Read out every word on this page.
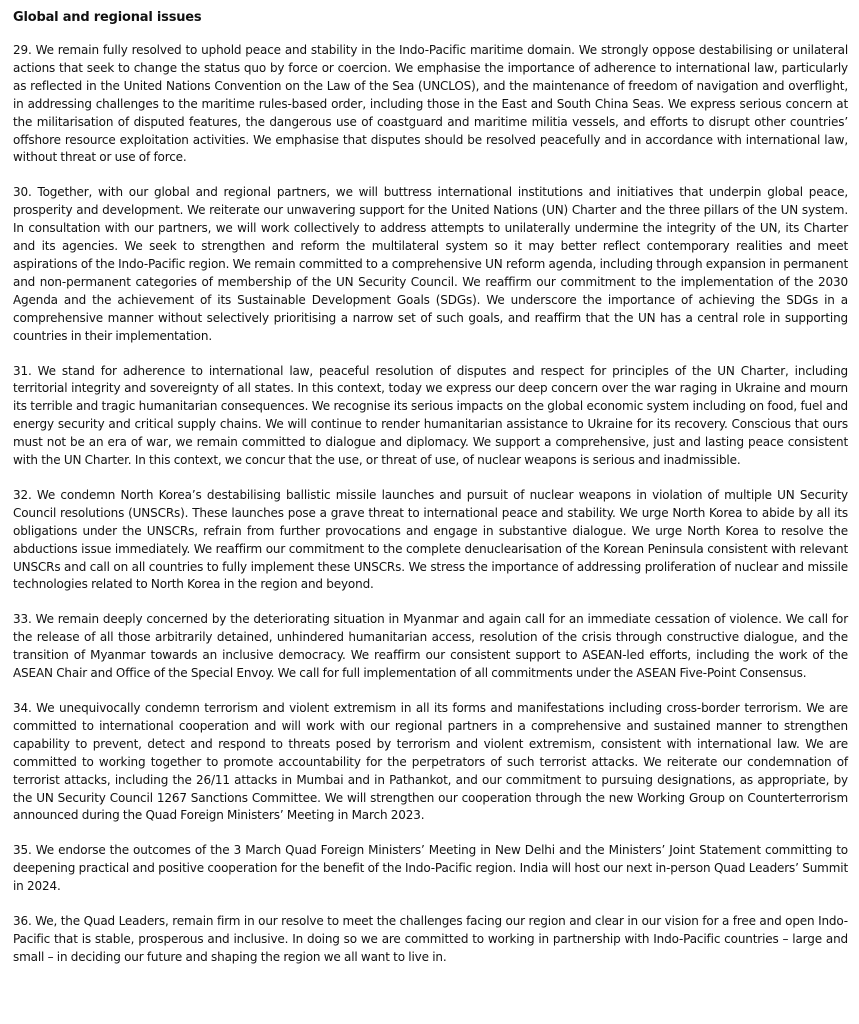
Global and regional issues

29. We remain fully resolved to uphold peace and stability in the Indo-Pacific maritime domain. We strongly oppose destabilising or unilateral actions that seek to change the status quo by force or coercion. We emphasise the importance of adherence to international law, particularly as reflected in the United Nations Convention on the Law of the Sea (UNCLOS), and the maintenance of freedom of navigation and overflight, in addressing challenges to the maritime rules-based order, including those in the East and South China Seas. We express serious concern at the militarisation of disputed features, the dangerous use of coastguard and maritime militia vessels, and efforts to disrupt other countries’ offshore resource exploitation activities. We emphasise that disputes should be resolved peacefully and in accordance with international law, without threat or use of force.

30. Together, with our global and regional partners, we will buttress international institutions and initiatives that underpin global peace, prosperity and development. We reiterate our unwavering support for the United Nations (UN) Charter and the three pillars of the UN system. In consultation with our partners, we will work collectively to address attempts to unilaterally undermine the integrity of the UN, its Charter and its agencies. We seek to strengthen and reform the multilateral system so it may better reflect contemporary realities and meet aspirations of the Indo-Pacific region. We remain committed to a comprehensive UN reform agenda, including through expansion in permanent and non-permanent categories of membership of the UN Security Council. We reaffirm our commitment to the implementation of the 2030 Agenda and the achievement of its Sustainable Development Goals (SDGs). We underscore the importance of achieving the SDGs in a comprehensive manner without selectively prioritising a narrow set of such goals, and reaffirm that the UN has a central role in supporting countries in their implementation.

31. We stand for adherence to international law, peaceful resolution of disputes and respect for principles of the UN Charter, including territorial integrity and sovereignty of all states. In this context, today we express our deep concern over the war raging in Ukraine and mourn its terrible and tragic humanitarian consequences. We recognise its serious impacts on the global economic system including on food, fuel and energy security and critical supply chains. We will continue to render humanitarian assistance to Ukraine for its recovery. Conscious that ours must not be an era of war, we remain committed to dialogue and diplomacy. We support a comprehensive, just and lasting peace consistent with the UN Charter. In this context, we concur that the use, or threat of use, of nuclear weapons is serious and inadmissible.

32. We condemn North Korea’s destabilising ballistic missile launches and pursuit of nuclear weapons in violation of multiple UN Security Council resolutions (UNSCRs). These launches pose a grave threat to international peace and stability. We urge North Korea to abide by all its obligations under the UNSCRs, refrain from further provocations and engage in substantive dialogue. We urge North Korea to resolve the abductions issue immediately. We reaffirm our commitment to the complete denuclearisation of the Korean Peninsula consistent with relevant UNSCRs and call on all countries to fully implement these UNSCRs. We stress the importance of addressing proliferation of nuclear and missile technologies related to North Korea in the region and beyond.

33. We remain deeply concerned by the deteriorating situation in Myanmar and again call for an immediate cessation of violence. We call for the release of all those arbitrarily detained, unhindered humanitarian access, resolution of the crisis through constructive dialogue, and the transition of Myanmar towards an inclusive democracy. We reaffirm our consistent support to ASEAN-led efforts, including the work of the ASEAN Chair and Office of the Special Envoy. We call for full implementation of all commitments under the ASEAN Five-Point Consensus.

34. We unequivocally condemn terrorism and violent extremism in all its forms and manifestations including cross-border terrorism. We are committed to international cooperation and will work with our regional partners in a comprehensive and sustained manner to strengthen capability to prevent, detect and respond to threats posed by terrorism and violent extremism, consistent with international law. We are committed to working together to promote accountability for the perpetrators of such terrorist attacks. We reiterate our condemnation of terrorist attacks, including the 26/11 attacks in Mumbai and in Pathankot, and our commitment to pursuing designations, as appropriate, by the UN Security Council 1267 Sanctions Committee. We will strengthen our cooperation through the new Working Group on Counterterrorism announced during the Quad Foreign Ministers’ Meeting in March 2023.

35. We endorse the outcomes of the 3 March Quad Foreign Ministers’ Meeting in New Delhi and the Ministers’ Joint Statement committing to deepening practical and positive cooperation for the benefit of the Indo-Pacific region. India will host our next in-person Quad Leaders’ Summit in 2024.

36. We, the Quad Leaders, remain firm in our resolve to meet the challenges facing our region and clear in our vision for a free and open Indo-Pacific that is stable, prosperous and inclusive. In doing so we are committed to working in partnership with Indo-Pacific countries – large and small – in deciding our future and shaping the region we all want to live in.
